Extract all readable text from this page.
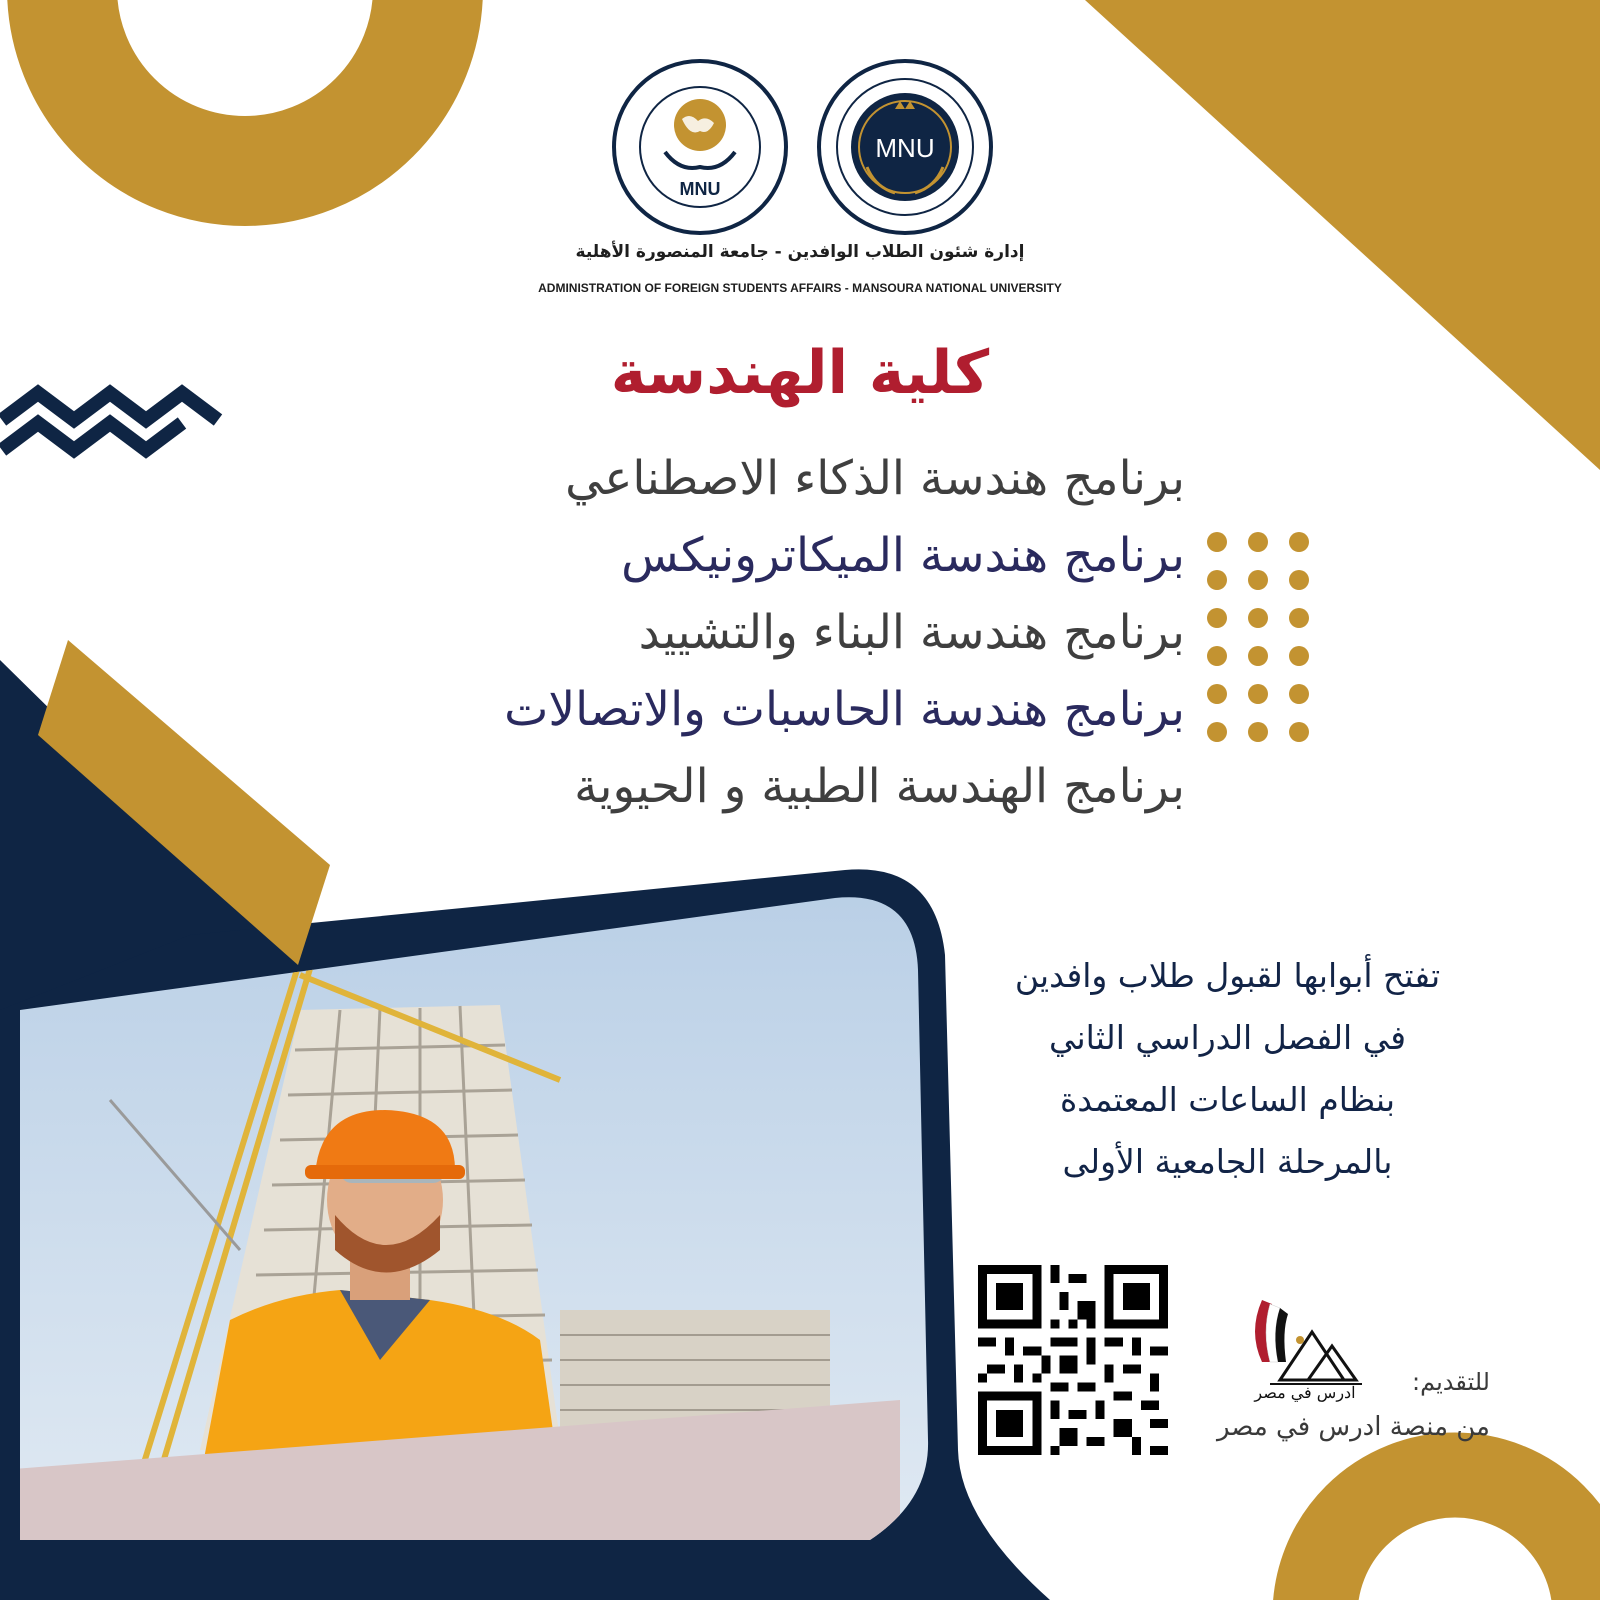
MNU
MNU
إدارة شئون الطلاب الوافدين - جامعة المنصورة الأهلية
ADMINISTRATION OF FOREIGN STUDENTS AFFAIRS - MANSOURA NATIONAL UNIVERSITY
كلية الهندسة
برنامج هندسة الذكاء الاصطناعي
برنامج هندسة الميكاترونيكس
برنامج هندسة البناء والتشييد
برنامج هندسة الحاسبات والاتصالات
برنامج الهندسة الطبية و الحيوية
تفتح أبوابها لقبول طلاب وافدين
في الفصل الدراسي الثاني
بنظام الساعات المعتمدة
بالمرحلة الجامعية الأولى
ادرس في مصر	للتقديم:
من منصة ادرس في مصر
